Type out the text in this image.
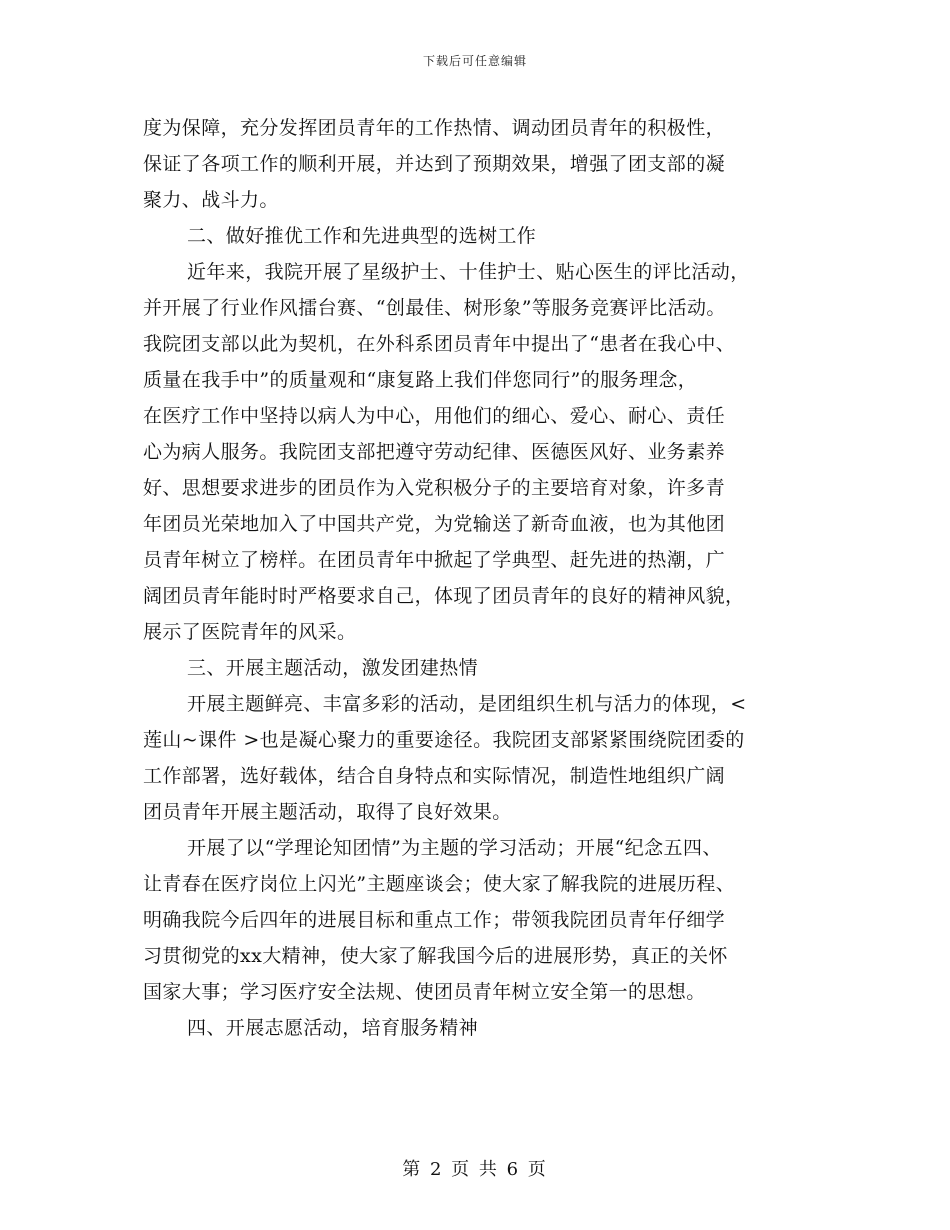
下载后可任意编辑
度为保障，充分发挥团员青年的工作热情、调动团员青年的积极性，
保证了各项工作的顺利开展，并达到了预期效果，增强了团支部的凝
聚力、战斗力。
二、做好推优工作和先进典型的选树工作
近年来，我院开展了星级护士、十佳护士、贴心医生的评比活动，
并开展了行业作风擂台赛、“创最佳、树形象”等服务竞赛评比活动。
我院团支部以此为契机，在外科系团员青年中提出了“患者在我心中、
质量在我手中”的质量观和“康复路上我们伴您同行”的服务理念，
在医疗工作中坚持以病人为中心，用他们的细心、爱心、耐心、责任
心为病人服务。我院团支部把遵守劳动纪律、医德医风好、业务素养
好、思想要求进步的团员作为入党积极分子的主要培育对象，许多青
年团员光荣地加入了中国共产党，为党输送了新奇血液，也为其他团
员青年树立了榜样。在团员青年中掀起了学典型、赶先进的热潮，广
阔团员青年能时时严格要求自己，体现了团员青年的良好的精神风貌，
展示了医院青年的风采。
三、开展主题活动，激发团建热情
开展主题鲜亮、丰富多彩的活动，是团组织生机与活力的体现，<
莲山~课件 >也是凝心聚力的重要途径。我院团支部紧紧围绕院团委的
工作部署，选好载体，结合自身特点和实际情况，制造性地组织广阔
团员青年开展主题活动，取得了良好效果。
开展了以“学理论知团情”为主题的学习活动；开展“纪念五四、
让青春在医疗岗位上闪光”主题座谈会；使大家了解我院的进展历程、
明确我院今后四年的进展目标和重点工作；带领我院团员青年仔细学
习贯彻党的xx大精神，使大家了解我国今后的进展形势，真正的关怀
国家大事；学习医疗安全法规、使团员青年树立安全第一的思想。
四、开展志愿活动，培育服务精神
第 2 页 共 6 页
